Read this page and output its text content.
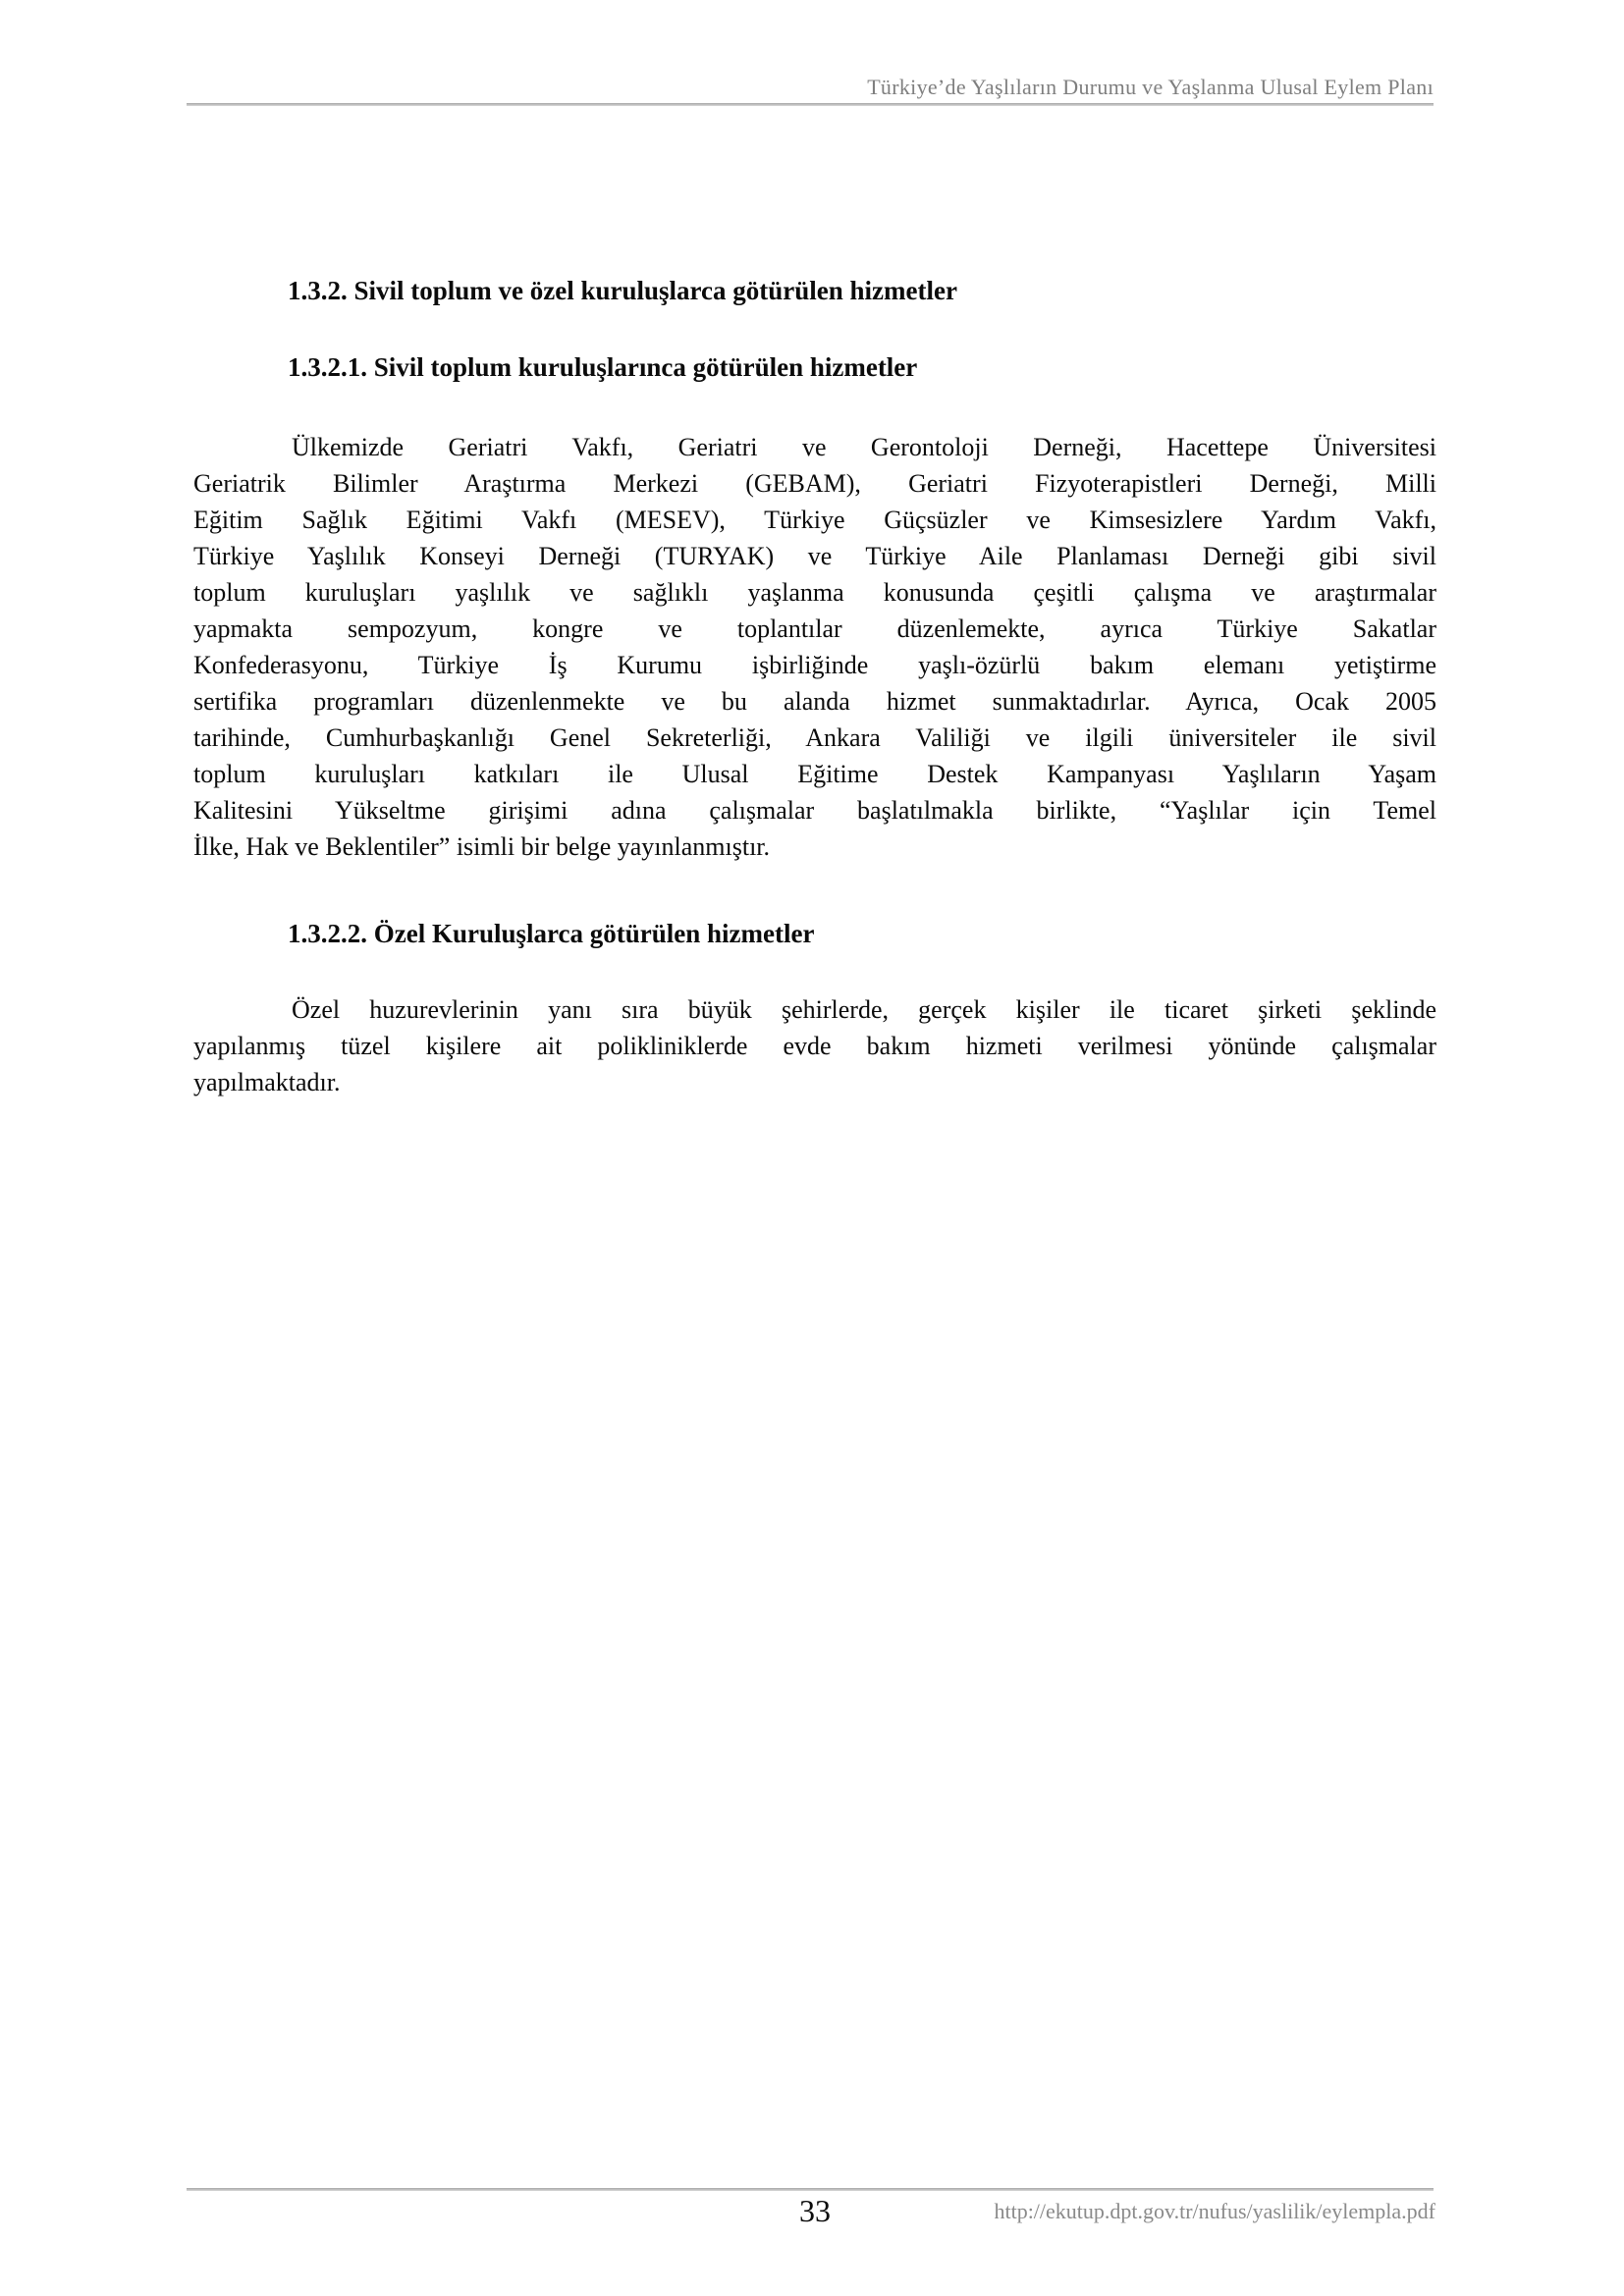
Türkiye’de Yaşlıların Durumu ve Yaşlanma Ulusal Eylem Planı
1.3.2. Sivil toplum ve özel kuruluşlarca götürülen hizmetler
1.3.2.1. Sivil toplum kuruluşlarınca götürülen hizmetler
Ülkemizde Geriatri Vakfı, Geriatri ve Gerontoloji Derneği, Hacettepe Üniversitesi
Geriatrik Bilimler Araştırma Merkezi (GEBAM), Geriatri Fizyoterapistleri Derneği, Milli
Eğitim Sağlık Eğitimi Vakfı (MESEV), Türkiye Güçsüzler ve Kimsesizlere Yardım Vakfı,
Türkiye Yaşlılık Konseyi Derneği (TURYAK) ve Türkiye Aile Planlaması Derneği gibi sivil
toplum kuruluşları yaşlılık ve sağlıklı yaşlanma konusunda çeşitli çalışma ve araştırmalar
yapmakta sempozyum, kongre ve toplantılar düzenlemekte, ayrıca Türkiye Sakatlar
Konfederasyonu, Türkiye İş Kurumu işbirliğinde yaşlı-özürlü bakım elemanı yetiştirme
sertifika programları düzenlenmekte ve bu alanda hizmet sunmaktadırlar. Ayrıca, Ocak 2005
tarihinde, Cumhurbaşkanlığı Genel Sekreterliği, Ankara Valiliği ve ilgili üniversiteler ile sivil
toplum kuruluşları katkıları ile Ulusal Eğitime Destek Kampanyası Yaşlıların Yaşam
Kalitesini Yükseltme girişimi adına çalışmalar başlatılmakla birlikte, “Yaşlılar için Temel
İlke, Hak ve Beklentiler” isimli bir belge yayınlanmıştır.
1.3.2.2. Özel Kuruluşlarca götürülen hizmetler
Özel huzurevlerinin yanı sıra büyük şehirlerde, gerçek kişiler ile ticaret şirketi şeklinde
yapılanmış tüzel kişilere ait polikliniklerde evde bakım hizmeti verilmesi yönünde çalışmalar
yapılmaktadır.
33	http://ekutup.dpt.gov.tr/nufus/yaslilik/eylempla.pdf
